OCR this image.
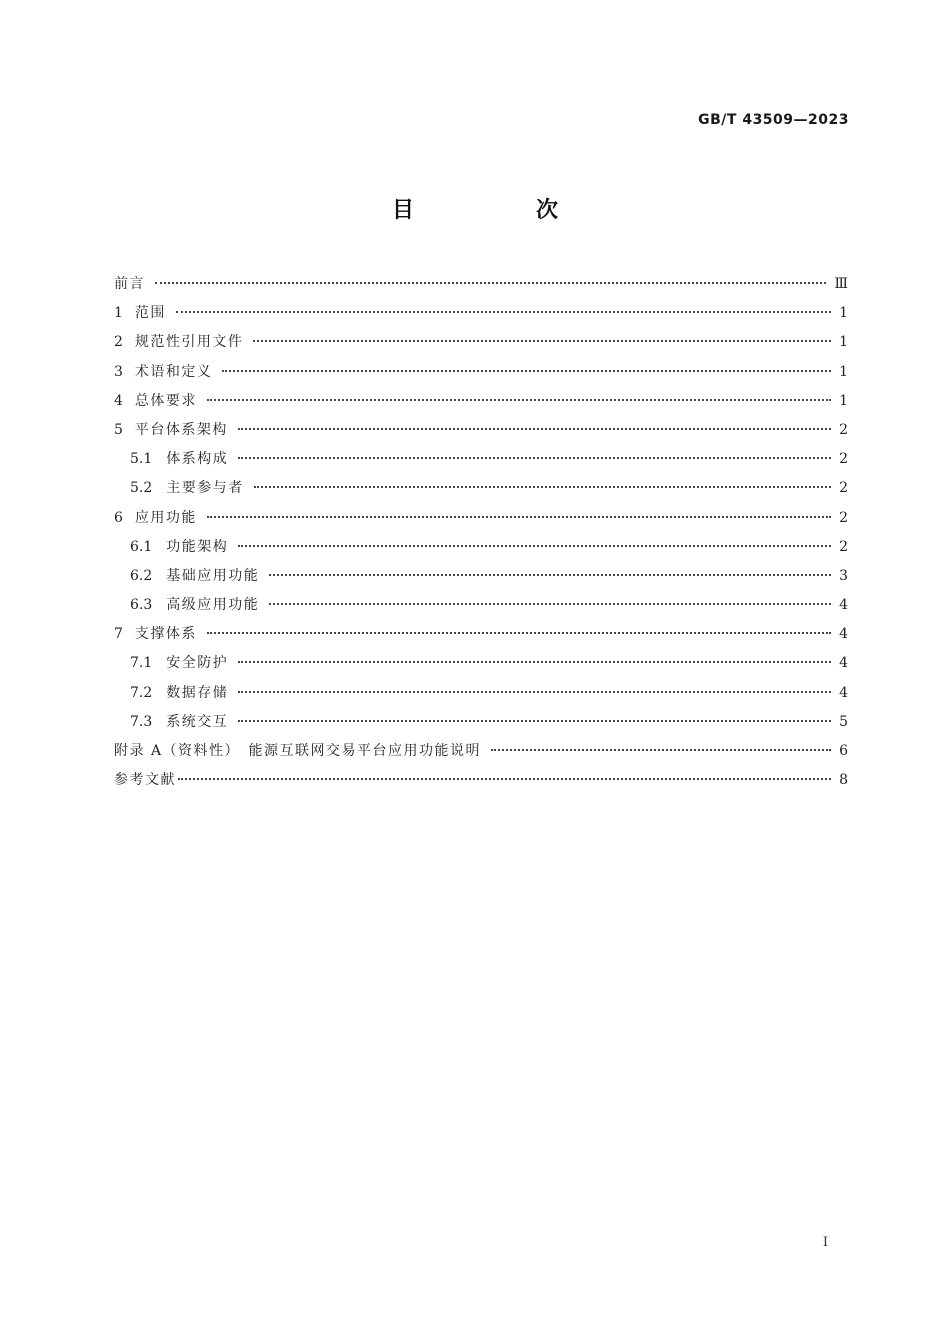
GB/T 43509—2023
目　次
前言	Ⅲ
1 范围	1
2 规范性引用文件	1
3 术语和定义	1
4 总体要求	1
5 平台体系架构	2
5.1 体系构成	2
5.2 主要参与者	2
6 应用功能	2
6.1 功能架构	2
6.2 基础应用功能	3
6.3 高级应用功能	4
7 支撑体系	4
7.1 安全防护	4
7.2 数据存储	4
7.3 系统交互	5
附录 A（资料性）　能源互联网交易平台应用功能说明	6
参考文献	8
I
